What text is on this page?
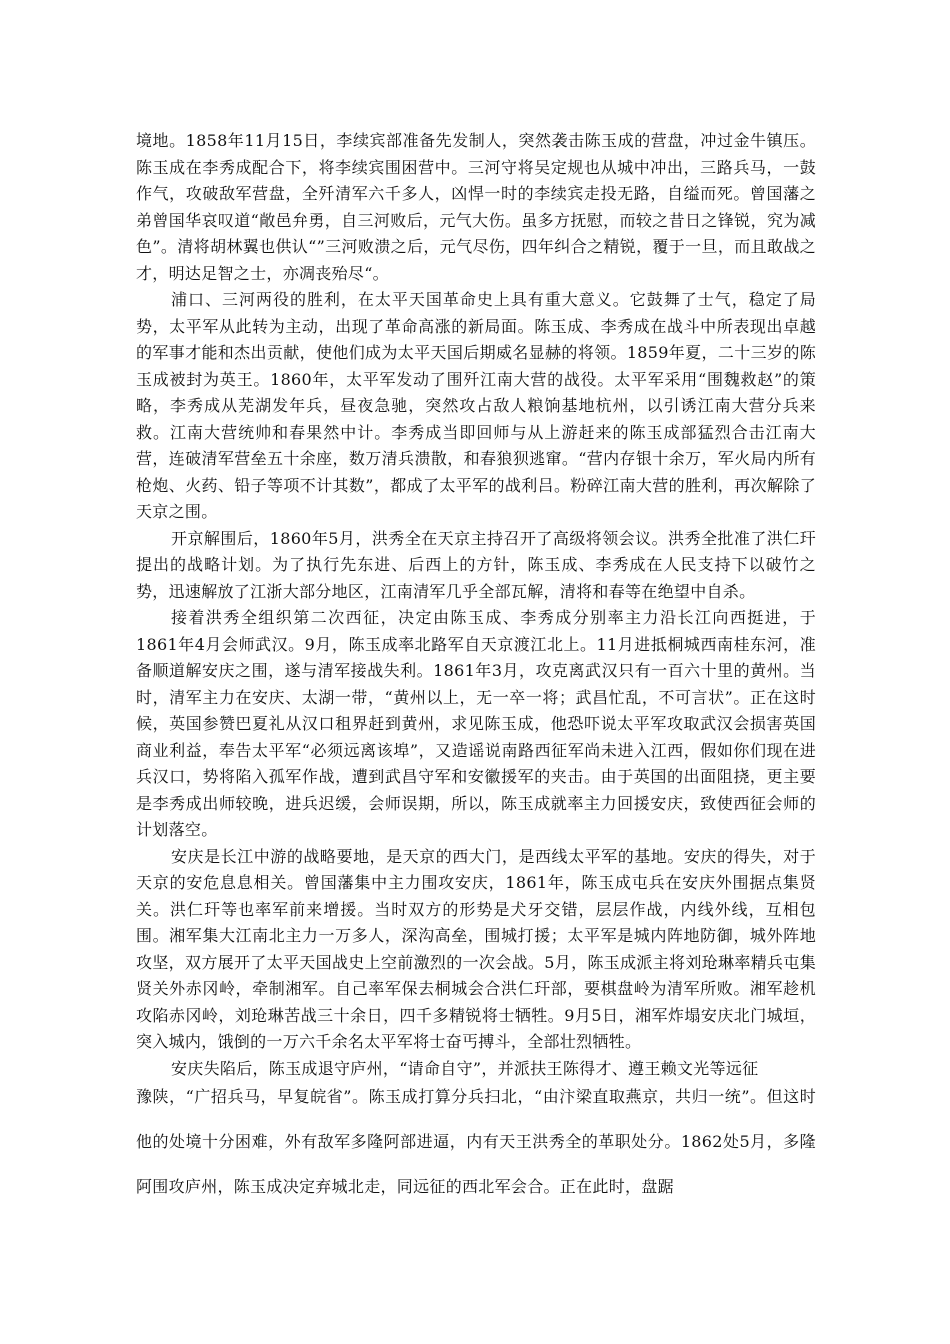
境地。1858年11月15日，李续宾部准备先发制人，突然袭击陈玉成的营盘，冲过金牛镇压。陈玉成在李秀成配合下，将李续宾围困营中。三河守将吴定规也从城中冲出，三路兵马，一鼓作气，攻破敌军营盘，全歼清军六千多人，凶悍一时的李续宾走投无路，自缢而死。曾国藩之弟曾国华哀叹道“敞邑弁勇，自三河败后，元气大伤。虽多方抚慰，而较之昔日之锋锐，究为减色”。清将胡林翼也供认“”三河败溃之后，元气尽伤，四年纠合之精锐，覆于一旦，而且敢战之才，明达足智之士，亦凋丧殆尽“。

浦口、三河两役的胜利，在太平天国革命史上具有重大意义。它鼓舞了士气，稳定了局势，太平军从此转为主动，出现了革命高涨的新局面。陈玉成、李秀成在战斗中所表现出卓越的军事才能和杰出贡献，使他们成为太平天国后期威名显赫的将领。1859年夏，二十三岁的陈玉成被封为英王。1860年，太平军发动了围歼江南大营的战役。太平军采用“围魏救赵”的策略，李秀成从芜湖发年兵，昼夜急驰，突然攻占敌人粮饷基地杭州，以引诱江南大营分兵来救。江南大营统帅和春果然中计。李秀成当即回师与从上游赶来的陈玉成部猛烈合击江南大营，连破清军营垒五十余座，数万清兵溃散，和春狼狈逃窜。“营内存银十余万，军火局内所有枪炮、火药、铅子等项不计其数”，都成了太平军的战利吕。粉碎江南大营的胜利，再次解除了天京之围。

开京解围后，1860年5月，洪秀全在天京主持召开了高级将领会议。洪秀全批准了洪仁玕提出的战略计划。为了执行先东进、后西上的方针，陈玉成、李秀成在人民支持下以破竹之势，迅速解放了江浙大部分地区，江南清军几乎全部瓦解，清将和春等在绝望中自杀。

接着洪秀全组织第二次西征，决定由陈玉成、李秀成分别率主力沿长江向西挺进，于1861年4月会师武汉。9月，陈玉成率北路军自天京渡江北上。11月进抵桐城西南桂东河，准备顺道解安庆之围，遂与清军接战失利。1861年3月，攻克离武汉只有一百六十里的黄州。当时，清军主力在安庆、太湖一带，“黄州以上，无一卒一将；武昌忙乱，不可言状”。正在这时候，英国参赞巴夏礼从汉口租界赶到黄州，求见陈玉成，他恐吓说太平军攻取武汉会损害英国商业利益，奉告太平军“必须远离该埠”，又造谣说南路西征军尚未进入江西，假如你们现在进兵汉口，势将陷入孤军作战，遭到武昌守军和安徽援军的夹击。由于英国的出面阻挠，更主要是李秀成出师较晚，进兵迟缓，会师误期，所以，陈玉成就率主力回援安庆，致使西征会师的计划落空。

安庆是长江中游的战略要地，是天京的西大门，是西线太平军的基地。安庆的得失，对于天京的安危息息相关。曾国藩集中主力围攻安庆，1861年，陈玉成屯兵在安庆外围据点集贤关。洪仁玕等也率军前来增援。当时双方的形势是犬牙交错，层层作战，内线外线，互相包围。湘军集大江南北主力一万多人，深沟高垒，围城打援；太平军是城内阵地防御，城外阵地攻坚，双方展开了太平天国战史上空前激烈的一次会战。5月，陈玉成派主将刘玱琳率精兵屯集贤关外赤冈岭，牵制湘军。自己率军保去桐城会合洪仁玕部，要棋盘岭为清军所败。湘军趁机攻陷赤冈岭，刘玱琳苦战三十余日，四千多精锐将士牺牲。9月5日，湘军炸塌安庆北门城垣，突入城内，饿倒的一万六千余名太平军将士奋丐搏斗，全部壮烈牺牲。

安庆失陷后，陈玉成退守庐州，“请命自守”，并派扶王陈得才、遵王赖文光等远征

豫陕，“广招兵马，早复皖省”。陈玉成打算分兵扫北，“由汴梁直取燕京，共归一统”。但这时他的处境十分困难，外有敌军多隆阿部进逼，内有天王洪秀全的革职处分。1862处5月，多隆阿围攻庐州，陈玉成决定弃城北走，同远征的西北军会合。正在此时，盘踞
